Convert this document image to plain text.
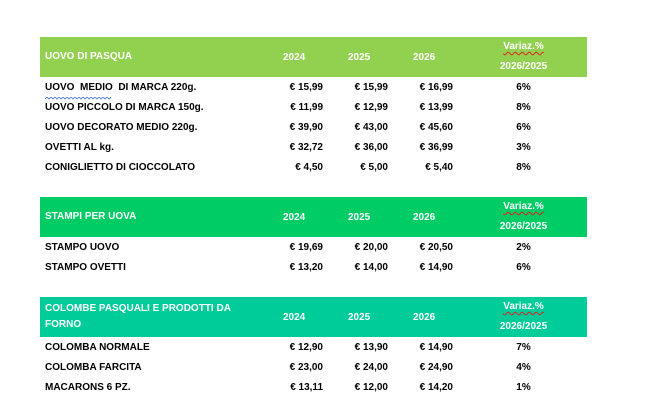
UOVO DI PASQUA	2024	2025	2026
Variaz.%
2026/2025
UOVO  MEDIO  DI MARCA 220g.	€ 15,99	€ 15,99	€ 16,99	6%
UOVO PICCOLO DI MARCA 150g.	€ 11,99	€ 12,99	€ 13,99	8%
UOVO DECORATO MEDIO 220g.	€ 39,90	€ 43,00	€ 45,60	6%
OVETTI AL kg.	€ 32,72	€ 36,00	€ 36,99	3%
CONIGLIETTO DI CIOCCOLATO	€ 4,50	€ 5,00	€ 5,40	8%
STAMPI PER UOVA	2024	2025	2026
Variaz.%
2026/2025
STAMPO UOVO	€ 19,69	€ 20,00	€ 20,50	2%
STAMPO OVETTI	€ 13,20	€ 14,00	€ 14,90	6%
COLOMBE PASQUALI E PRODOTTI DA FORNO
2024	2025	2026
Variaz.%
2026/2025
COLOMBA NORMALE	€ 12,90	€ 13,90	€ 14,90	7%
COLOMBA FARCITA	€ 23,00	€ 24,00	€ 24,90	4%
MACARONS 6 PZ.	€ 13,11	€ 12,00	€ 14,20	1%
